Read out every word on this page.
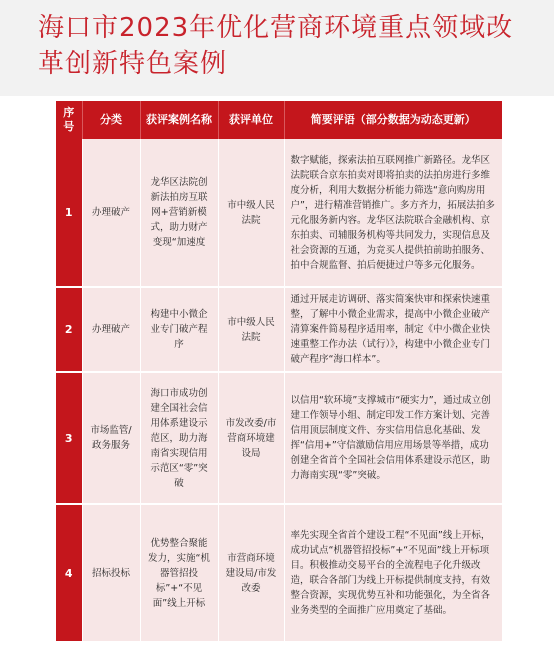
海口市2023年优化营商环境重点领域改革创新特色案例
序号	分类	获评案例名称	获评单位	简要评语（部分数据为动态更新）
1	办理破产	龙华区法院创新法拍房互联网+营销新模式，助力财产变现“加速度	市中级人民法院	数字赋能，探索法拍互联网推广新路径。龙华区法院联合京东拍卖对即将拍卖的法拍房进行多维度分析，利用大数据分析能力筛选“意向购房用户”，进行精准营销推广。多方齐力，拓展法拍多元化服务新内容。龙华区法院联合金融机构、京东拍卖、司辅服务机构等共同发力，实现信息及社会资源的互通，为竞买人提供拍前助拍服务、拍中合规监督、拍后便捷过户等多元化服务。
2	办理破产	构建中小微企业专门破产程序	市中级人民法院	通过开展走访调研、落实简案快审和探索快速重整，了解中小微企业需求，提高中小微企业破产清算案件简易程序适用率，制定《中小微企业快速重整工作办法（试行）》，构建中小微企业专门破产程序“海口样本”。
3	市场监管/政务服务	海口市成功创建全国社会信用体系建设示范区，助力海南省实现信用示范区“零”突破	市发改委/市营商环境建设局	以信用“软环境”支撑城市“硬实力”，通过成立创建工作领导小组、制定印发工作方案计划、完善信用顶层制度文件、夯实信用信息化基础、发挥“信用+”守信激励信用应用场景等举措，成功创建全省首个全国社会信用体系建设示范区，助力海南实现“零”突破。
4	招标投标	优势整合聚能发力，实施“机器管招投标”+“不见面”线上开标	市营商环境建设局/市发改委	率先实现全省首个建设工程“不见面”线上开标，成功试点“机器管招投标”+“不见面”线上开标项目。积极推动交易平台的全流程电子化升级改造，联合各部门为线上开标提供制度支持，有效整合资源，实现优势互补和功能强化，为全省各业务类型的全面推广应用奠定了基础。
